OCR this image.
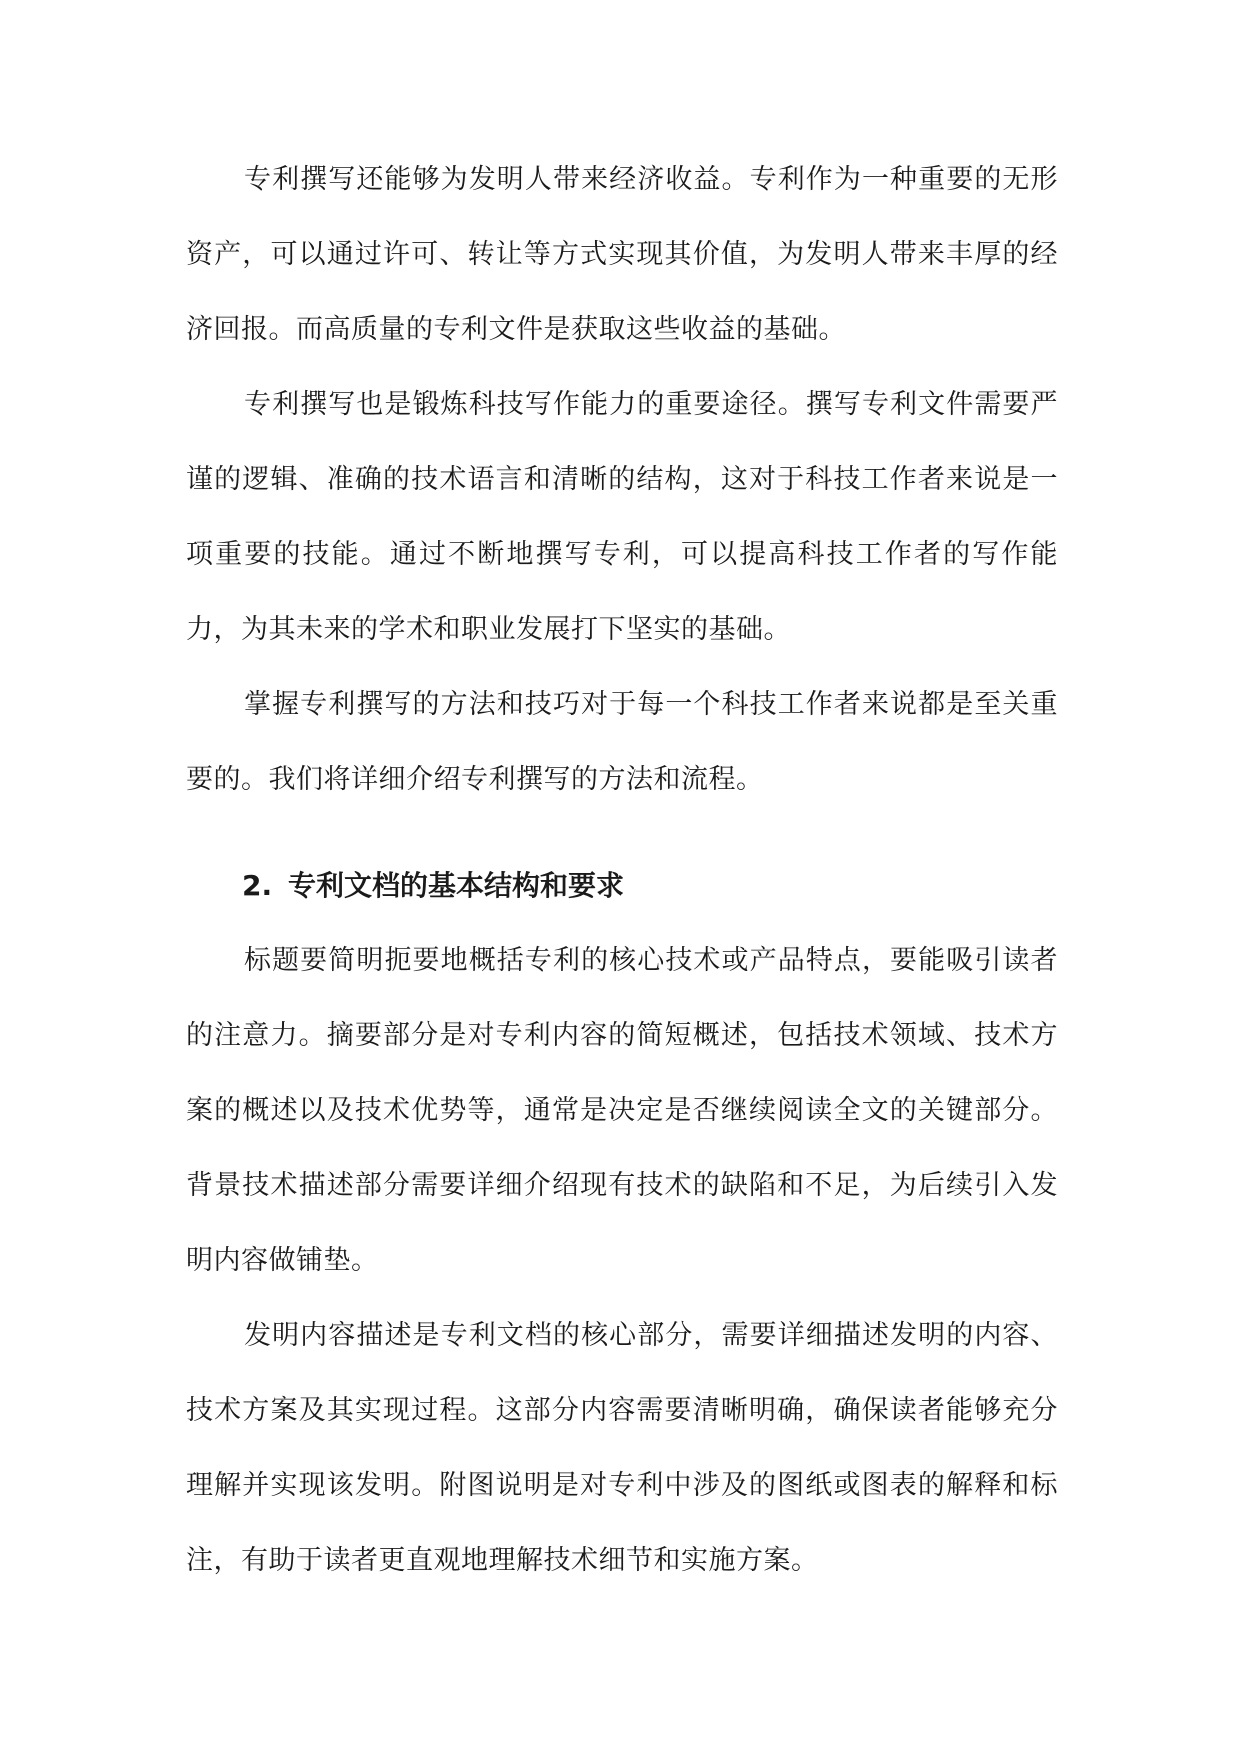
专利撰写还能够为发明人带来经济收益。专利作为一种重要的无形资产，可以通过许可、转让等方式实现其价值，为发明人带来丰厚的经济回报。而高质量的专利文件是获取这些收益的基础。

专利撰写也是锻炼科技写作能力的重要途径。撰写专利文件需要严谨的逻辑、准确的技术语言和清晰的结构，这对于科技工作者来说是一项重要的技能。通过不断地撰写专利，可以提高科技工作者的写作能力，为其未来的学术和职业发展打下坚实的基础。

掌握专利撰写的方法和技巧对于每一个科技工作者来说都是至关重要的。我们将详细介绍专利撰写的方法和流程。

2. 专利文档的基本结构和要求

标题要简明扼要地概括专利的核心技术或产品特点，要能吸引读者的注意力。摘要部分是对专利内容的简短概述，包括技术领域、技术方案的概述以及技术优势等，通常是决定是否继续阅读全文的关键部分。背景技术描述部分需要详细介绍现有技术的缺陷和不足，为后续引入发明内容做铺垫。

发明内容描述是专利文档的核心部分，需要详细描述发明的内容、技术方案及其实现过程。这部分内容需要清晰明确，确保读者能够充分理解并实现该发明。附图说明是对专利中涉及的图纸或图表的解释和标注，有助于读者更直观地理解技术细节和实施方案。
